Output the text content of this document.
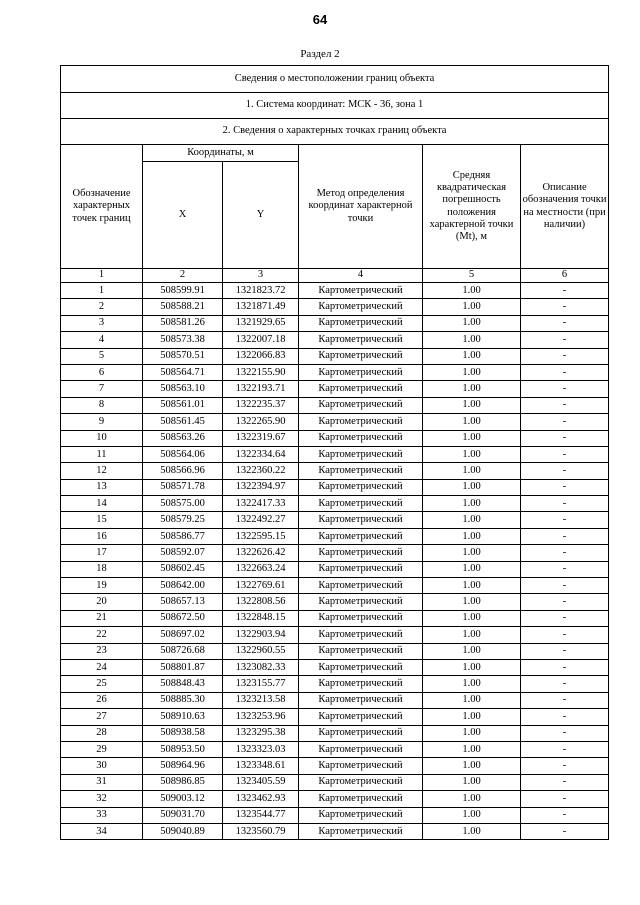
64
Раздел 2
Сведения о местоположении границ объекта					
1. Система координат: МСК - 36, зона 1					
2. Сведения о характерных точках границ объекта					
Обозначение характерных точек границ	Координаты, м		Метод определения координат характерной точки	Средняя квадратическая погрешность положения характерной точки (Mt), м	Описание обозначения точки на местности (при наличии)
	X	Y			
1	2	3	4	5	6
1	508599.91	1321823.72	Картометрический	1.00	-
2	508588.21	1321871.49	Картометрический	1.00	-
3	508581.26	1321929.65	Картометрический	1.00	-
4	508573.38	1322007.18	Картометрический	1.00	-
5	508570.51	1322066.83	Картометрический	1.00	-
6	508564.71	1322155.90	Картометрический	1.00	-
7	508563.10	1322193.71	Картометрический	1.00	-
8	508561.01	1322235.37	Картометрический	1.00	-
9	508561.45	1322265.90	Картометрический	1.00	-
10	508563.26	1322319.67	Картометрический	1.00	-
11	508564.06	1322334.64	Картометрический	1.00	-
12	508566.96	1322360.22	Картометрический	1.00	-
13	508571.78	1322394.97	Картометрический	1.00	-
14	508575.00	1322417.33	Картометрический	1.00	-
15	508579.25	1322492.27	Картометрический	1.00	-
16	508586.77	1322595.15	Картометрический	1.00	-
17	508592.07	1322626.42	Картометрический	1.00	-
18	508602.45	1322663.24	Картометрический	1.00	-
19	508642.00	1322769.61	Картометрический	1.00	-
20	508657.13	1322808.56	Картометрический	1.00	-
21	508672.50	1322848.15	Картометрический	1.00	-
22	508697.02	1322903.94	Картометрический	1.00	-
23	508726.68	1322960.55	Картометрический	1.00	-
24	508801.87	1323082.33	Картометрический	1.00	-
25	508848.43	1323155.77	Картометрический	1.00	-
26	508885.30	1323213.58	Картометрический	1.00	-
27	508910.63	1323253.96	Картометрический	1.00	-
28	508938.58	1323295.38	Картометрический	1.00	-
29	508953.50	1323323.03	Картометрический	1.00	-
30	508964.96	1323348.61	Картометрический	1.00	-
31	508986.85	1323405.59	Картометрический	1.00	-
32	509003.12	1323462.93	Картометрический	1.00	-
33	509031.70	1323544.77	Картометрический	1.00	-
34	509040.89	1323560.79	Картометрический	1.00	-
